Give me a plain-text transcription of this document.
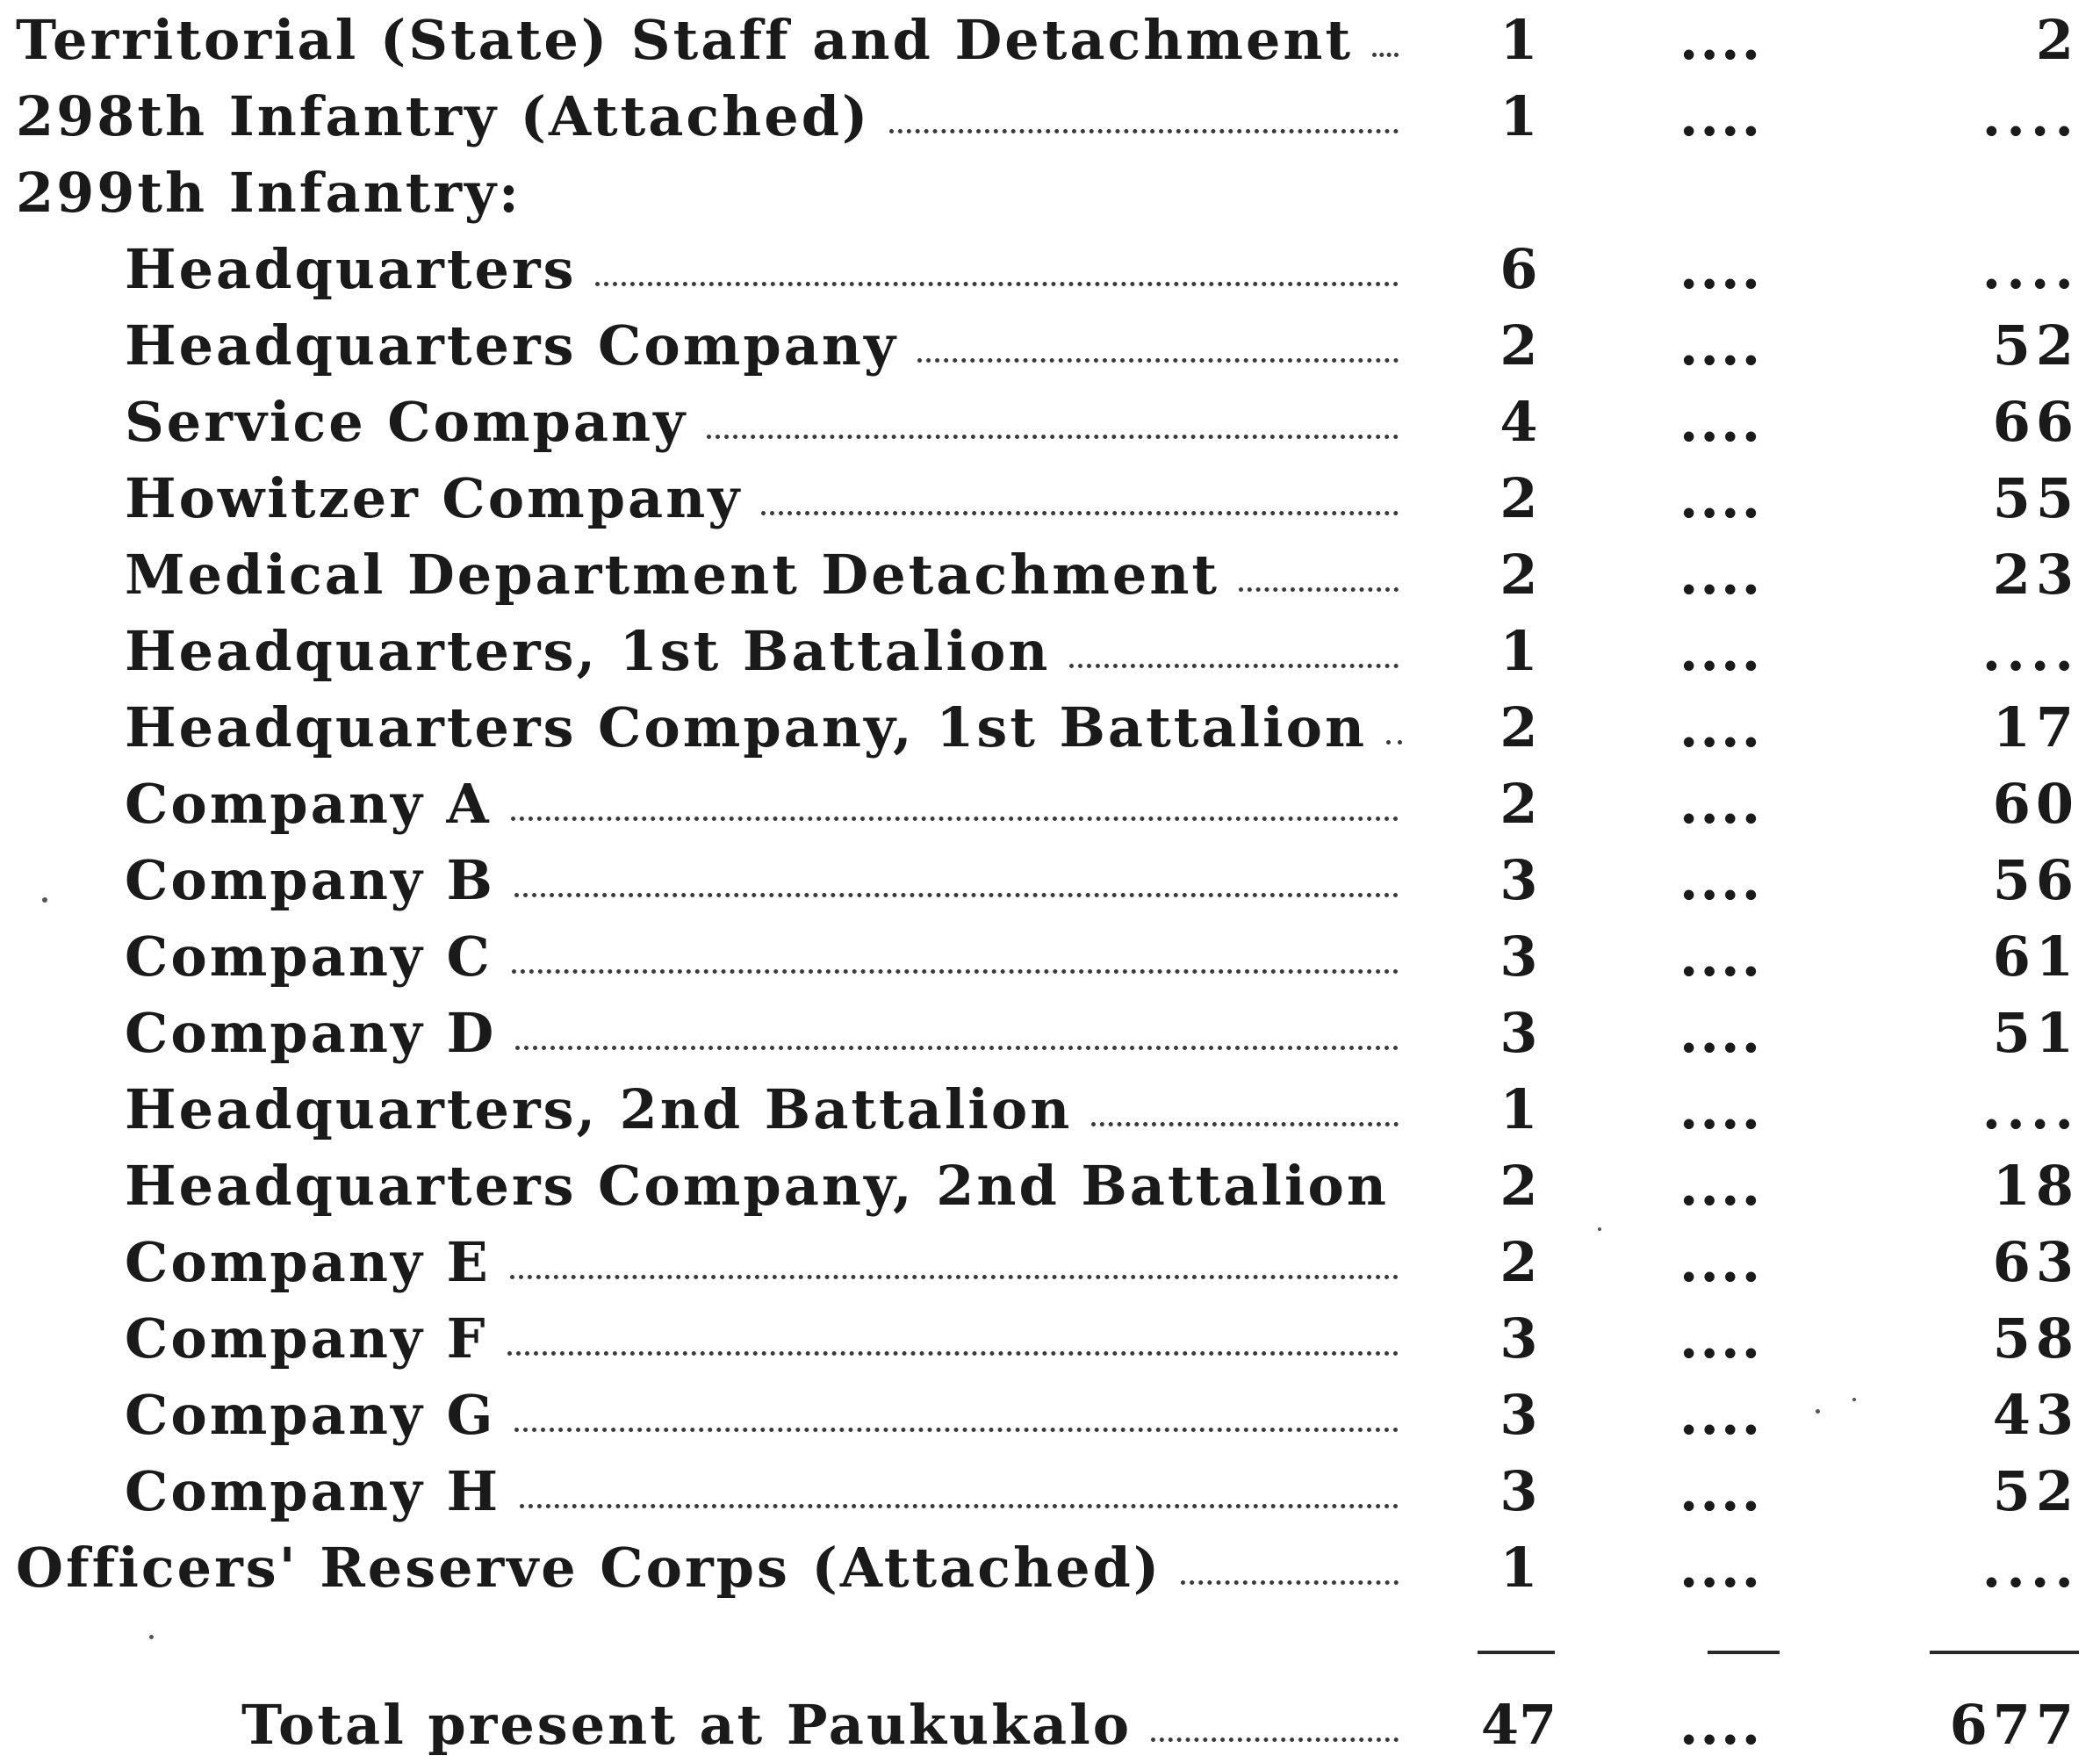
Territorial (State) Staff and Detachment	1	....	2
298th Infantry (Attached)	1	....	....
299th Infantry:
Headquarters	6	....	....
Headquarters Company	2	....	52
Service Company	4	....	66
Howitzer Company	2	....	55
Medical Department Detachment	2	....	23
Headquarters, 1st Battalion	1	....	....
Headquarters Company, 1st Battalion	2	....	17
Company A	2	....	60
Company B	3	....	56
Company C	3	....	61
Company D	3	....	51
Headquarters, 2nd Battalion	1	....	....
Headquarters Company, 2nd Battalion	2	....	18
Company E	2	....	63
Company F	3	....	58
Company G	3	....	43
Company H	3	....	52
Officers' Reserve Corps (Attached)	1	....	....
Total present at Paukukalo	47	....	677
